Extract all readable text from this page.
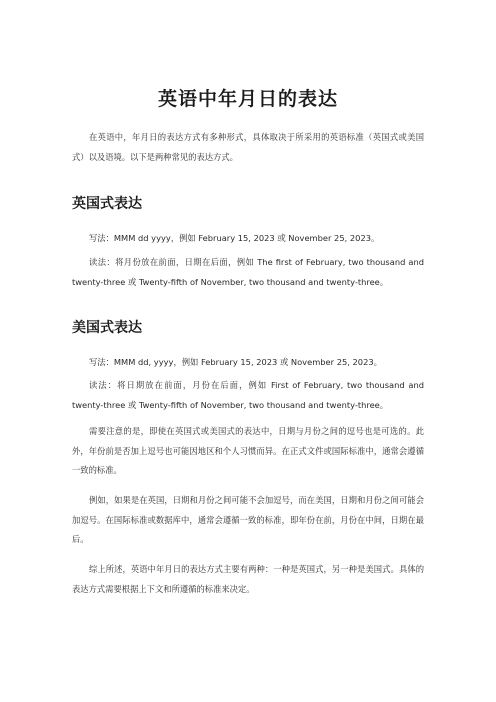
英语中年月日的表达

在英语中，年月日的表达方式有多种形式，具体取决于所采用的英语标准（英国式或美国式）以及语境。以下是两种常见的表达方式。

英国式表达

写法：MMM dd yyyy，例如 February 15, 2023 或 November 25, 2023。

读法：将月份放在前面，日期在后面，例如 The first of February, two thousand and twenty-three 或 Twenty-fifth of November, two thousand and twenty-three。

美国式表达

写法：MMM dd, yyyy，例如 February 15, 2023 或 November 25, 2023。

读法：将日期放在前面，月份在后面，例如 First of February, two thousand and twenty-three 或 Twenty-fifth of November, two thousand and twenty-three。

需要注意的是，即使在英国式或美国式的表达中，日期与月份之间的逗号也是可选的。此外，年份前是否加上逗号也可能因地区和个人习惯而异。在正式文件或国际标准中，通常会遵循一致的标准。

例如，如果是在英国，日期和月份之间可能不会加逗号，而在美国，日期和月份之间可能会加逗号。在国际标准或数据库中，通常会遵循一致的标准，即年份在前，月份在中间，日期在最后。

综上所述，英语中年月日的表达方式主要有两种：一种是英国式，另一种是美国式。具体的表达方式需要根据上下文和所遵循的标准来决定。
